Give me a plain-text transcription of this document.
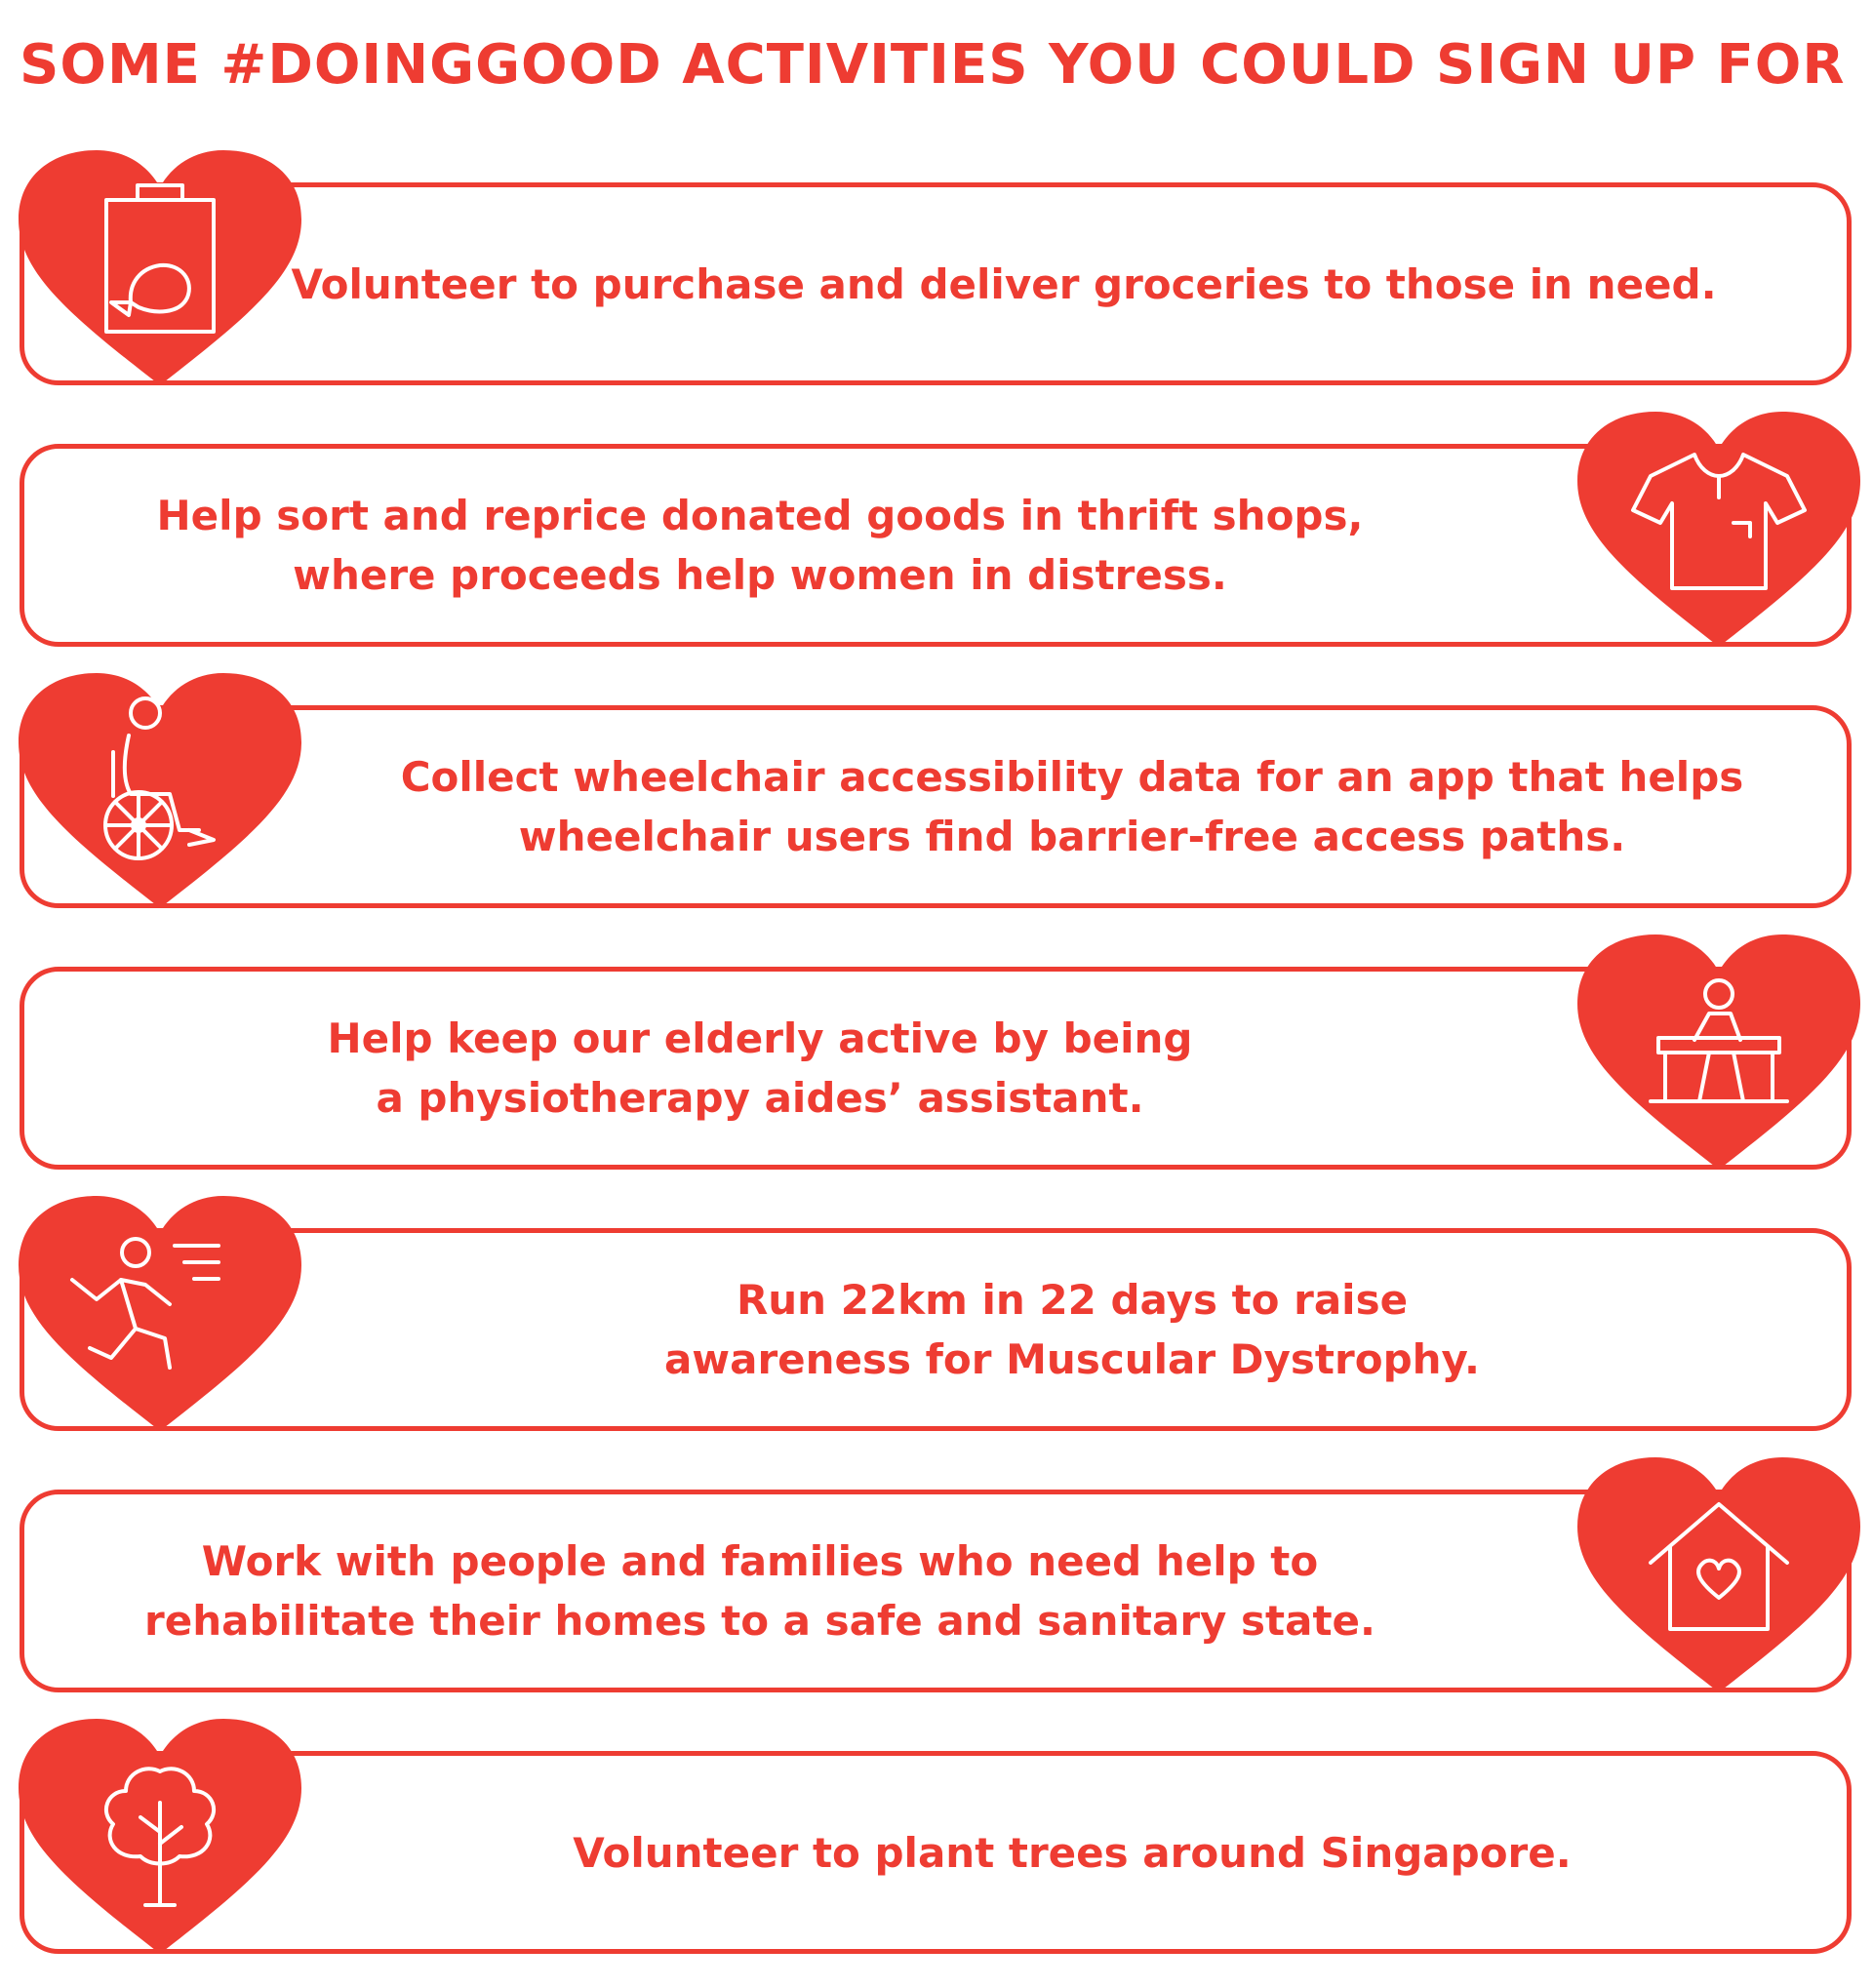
SOME #DOINGGOOD ACTIVITIES YOU COULD SIGN UP FOR
Volunteer to purchase and deliver groceries to those in need.
Help sort and reprice donated goods in thrift shops,
where proceeds help women in distress.
Collect wheelchair accessibility data for an app that helps
wheelchair users find barrier-free access paths.
Help keep our elderly active by being
a physiotherapy aides’ assistant.
Run 22km in 22 days to raise
awareness for Muscular Dystrophy.
Work with people and families who need help to
rehabilitate their homes to a safe and sanitary state.
Volunteer to plant trees around Singapore.
